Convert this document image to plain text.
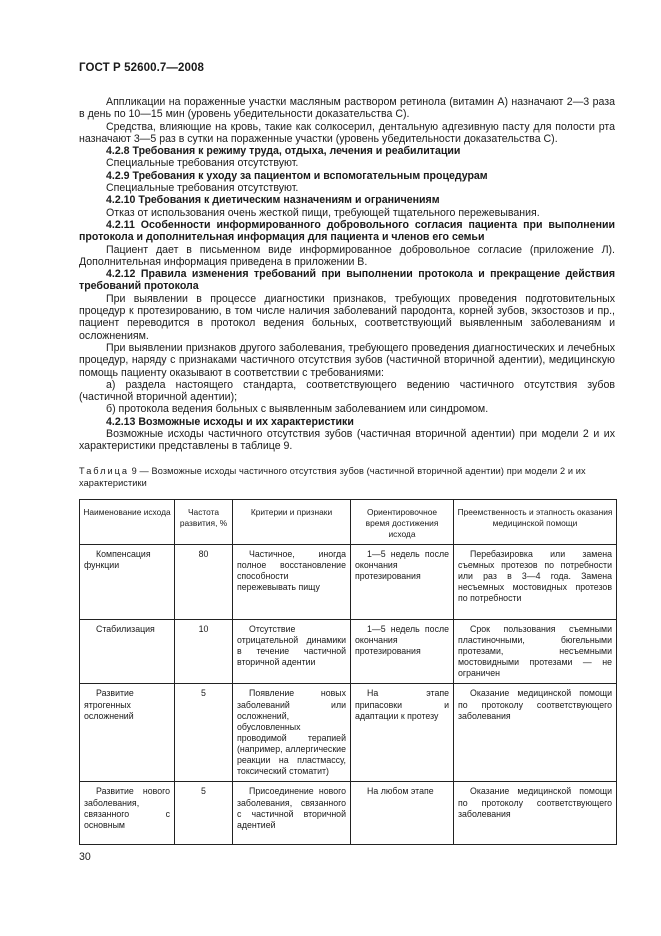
ГОСТ Р 52600.7—2008

Аппликации на пораженные участки масляным раствором ретинола (витамин А) назначают 2—3 раза в день по 10—15 мин (уровень убедительности доказательства С).

Средства, влияющие на кровь, такие как солкосерил, дентальную адгезивную пасту для полости рта назначают 3—5 раз в сутки на пораженные участки (уровень убедительности доказательства С).

4.2.8 Требования к режиму труда, отдыха, лечения и реабилитации

Специальные требования отсутствуют.

4.2.9 Требования к уходу за пациентом и вспомогательным процедурам

Специальные требования отсутствуют.

4.2.10 Требования к диетическим назначениям и ограничениям

Отказ от использования очень жесткой пищи, требующей тщательного пережевывания.

4.2.11 Особенности информированного добровольного согласия пациента при выполнении протокола и дополнительная информация для пациента и членов его семьи

Пациент дает в письменном виде информированное добровольное согласие (приложение Л). Дополнительная информация приведена в приложении В.

4.2.12 Правила изменения требований при выполнении протокола и прекращение действия требований протокола

При выявлении в процессе диагностики признаков, требующих проведения подготовительных процедур к протезированию, в том числе наличия заболеваний пародонта, корней зубов, экзостозов и пр., пациент переводится в протокол ведения больных, соответствующий выявленным заболеваниям и осложнениям.

При выявлении признаков другого заболевания, требующего проведения диагностических и лечебных процедур, наряду с признаками частичного отсутствия зубов (частичной вторичной адентии), медицинскую помощь пациенту оказывают в соответствии с требованиями:

а) раздела настоящего стандарта, соответствующего ведению частичного отсутствия зубов (частичной вторичной адентии);

б) протокола ведения больных с выявленным заболеванием или синдромом.

4.2.13 Возможные исходы и их характеристики

Возможные исходы частичного отсутствия зубов (частичная вторичной адентии) при модели 2 и их характеристики представлены в таблице 9.

Таблица 9 — Возможные исходы частичного отсутствия зубов (частичной вторичной адентии) при модели 2 и их характеристики
Наименование исхода	Частота развития, %	Критерии и признаки	Ориентировочное время достижения исхода	Преемственность и этапность оказания медицинской помощи
Компенсация функции	80	Частичное, иногда полное восстановление способности пережевывать пищу	1—5 недель после окончания протезирования	Перебазировка или замена съемных протезов по потребности или раз в 3—4 года. Замена несъемных мостовидных протезов по потребности
Стабилизация	10	Отсутствие отрицательной динамики в течение частичной вторичной адентии	1—5 недель после окончания протезирования	Срок пользования съемными пластиночными, бюгельными протезами, несъемными мостовидными протезами — не ограничен
Развитие ятрогенных осложнений	5	Появление новых заболеваний или осложнений, обусловленных проводимой терапией (например, аллергические реакции на пластмассу, токсический стоматит)	На этапе припасовки и адаптации к протезу	Оказание медицинской помощи по протоколу соответствующего заболевания
Развитие нового заболевания, связанного с основным	5	Присоединение нового заболевания, связанного с частичной вторичной адентией	На любом этапе	Оказание медицинской помощи по протоколу соответствующего заболевания
30
